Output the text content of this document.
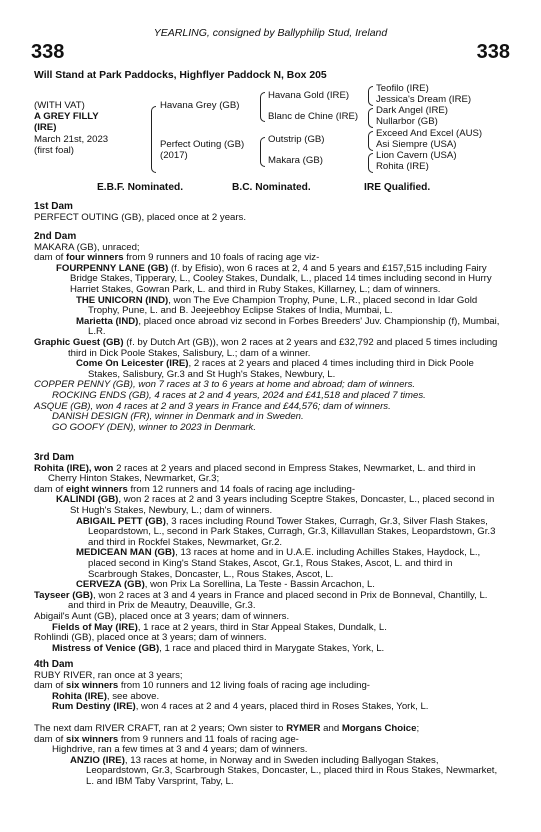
YEARLING, consigned by Ballyphilip Stud, Ireland
338	338
Will Stand at Park Paddocks, Highflyer Paddock N, Box 205
(WITH VAT)
A GREY FILLY
(IRE)
March 21st, 2023
(first foal)
Havana Grey (GB)
Perfect Outing (GB)
(2017)
Havana Gold (IRE)
Blanc de Chine (IRE)
Outstrip (GB)
Makara (GB)
Teofilo (IRE)
Jessica's Dream (IRE)
Dark Angel (IRE)
Nullarbor (GB)
Exceed And Excel (AUS)
Asi Siempre (USA)
Lion Cavern (USA)
Rohita (IRE)
E.B.F. Nominated.	B.C. Nominated.	IRE Qualified.

1st Dam

PERFECT OUTING (GB), placed once at 2 years.

2nd Dam

MAKARA (GB), unraced;

dam of four winners from 9 runners and 10 foals of racing age viz-

FOURPENNY LANE (GB) (f. by Efisio), won 6 races at 2, 4 and 5 years and £157,515 including Fairy Bridge Stakes, Tipperary, L., Cooley Stakes, Dundalk, L., placed 14 times including second in Hurry Harriet Stakes, Gowran Park, L. and third in Ruby Stakes, Killarney, L.; dam of winners.

THE UNICORN (IND), won The Eve Champion Trophy, Pune, L.R., placed second in Idar Gold Trophy, Pune, L. and B. Jeejeebhoy Eclipse Stakes of India, Mumbai, L.

Marietta (IND), placed once abroad viz second in Forbes Breeders' Juv. Championship (f), Mumbai, L.R.

Graphic Guest (GB) (f. by Dutch Art (GB)), won 2 races at 2 years and £32,792 and placed 5 times including third in Dick Poole Stakes, Salisbury, L.; dam of a winner.

Come On Leicester (IRE), 2 races at 2 years and placed 4 times including third in Dick Poole Stakes, Salisbury, Gr.3 and St Hugh's Stakes, Newbury, L.

COPPER PENNY (GB), won 7 races at 3 to 6 years at home and abroad; dam of winners.

ROCKING ENDS (GB), 4 races at 2 and 4 years, 2024 and £41,518 and placed 7 times.

ASQUE (GB), won 4 races at 2 and 3 years in France and £44,576; dam of winners.

DANISH DESIGN (FR), winner in Denmark and in Sweden.

GO GOOFY (DEN), winner to 2023 in Denmark.

3rd Dam

Rohita (IRE), won 2 races at 2 years and placed second in Empress Stakes, Newmarket, L. and third in Cherry Hinton Stakes, Newmarket, Gr.3;

dam of eight winners from 12 runners and 14 foals of racing age including-

KALINDI (GB), won 2 races at 2 and 3 years including Sceptre Stakes, Doncaster, L., placed second in St Hugh's Stakes, Newbury, L.; dam of winners.

ABIGAIL PETT (GB), 3 races including Round Tower Stakes, Curragh, Gr.3, Silver Flash Stakes, Leopardstown, L., second in Park Stakes, Curragh, Gr.3, Killavullan Stakes, Leopardstown, Gr.3 and third in Rockfel Stakes, Newmarket, Gr.2.

MEDICEAN MAN (GB), 13 races at home and in U.A.E. including Achilles Stakes, Haydock, L., placed second in King's Stand Stakes, Ascot, Gr.1, Rous Stakes, Ascot, L. and third in Scarbrough Stakes, Doncaster, L., Rous Stakes, Ascot, L.

CERVEZA (GB), won Prix La Sorellina, La Teste - Bassin Arcachon, L.

Tayseer (GB), won 2 races at 3 and 4 years in France and placed second in Prix de Bonneval, Chantilly, L. and third in Prix de Meautry, Deauville, Gr.3.

Abigail's Aunt (GB), placed once at 3 years; dam of winners.

Fields of May (IRE), 1 race at 2 years, third in Star Appeal Stakes, Dundalk, L.

Rohlindi (GB), placed once at 3 years; dam of winners.

Mistress of Venice (GB), 1 race and placed third in Marygate Stakes, York, L.

4th Dam

RUBY RIVER, ran once at 3 years;

dam of six winners from 10 runners and 12 living foals of racing age including-

Rohita (IRE), see above.

Rum Destiny (IRE), won 4 races at 2 and 4 years, placed third in Roses Stakes, York, L.

The next dam RIVER CRAFT, ran at 2 years; Own sister to RYMER and Morgans Choice;

dam of six winners from 9 runners and 11 foals of racing age-

Highdrive, ran a few times at 3 and 4 years; dam of winners.

ANZIO (IRE), 13 races at home, in Norway and in Sweden including Ballyogan Stakes, Leopardstown, Gr.3, Scarbrough Stakes, Doncaster, L., placed third in Rous Stakes, Newmarket, L. and IBM Taby Varsprint, Taby, L.
